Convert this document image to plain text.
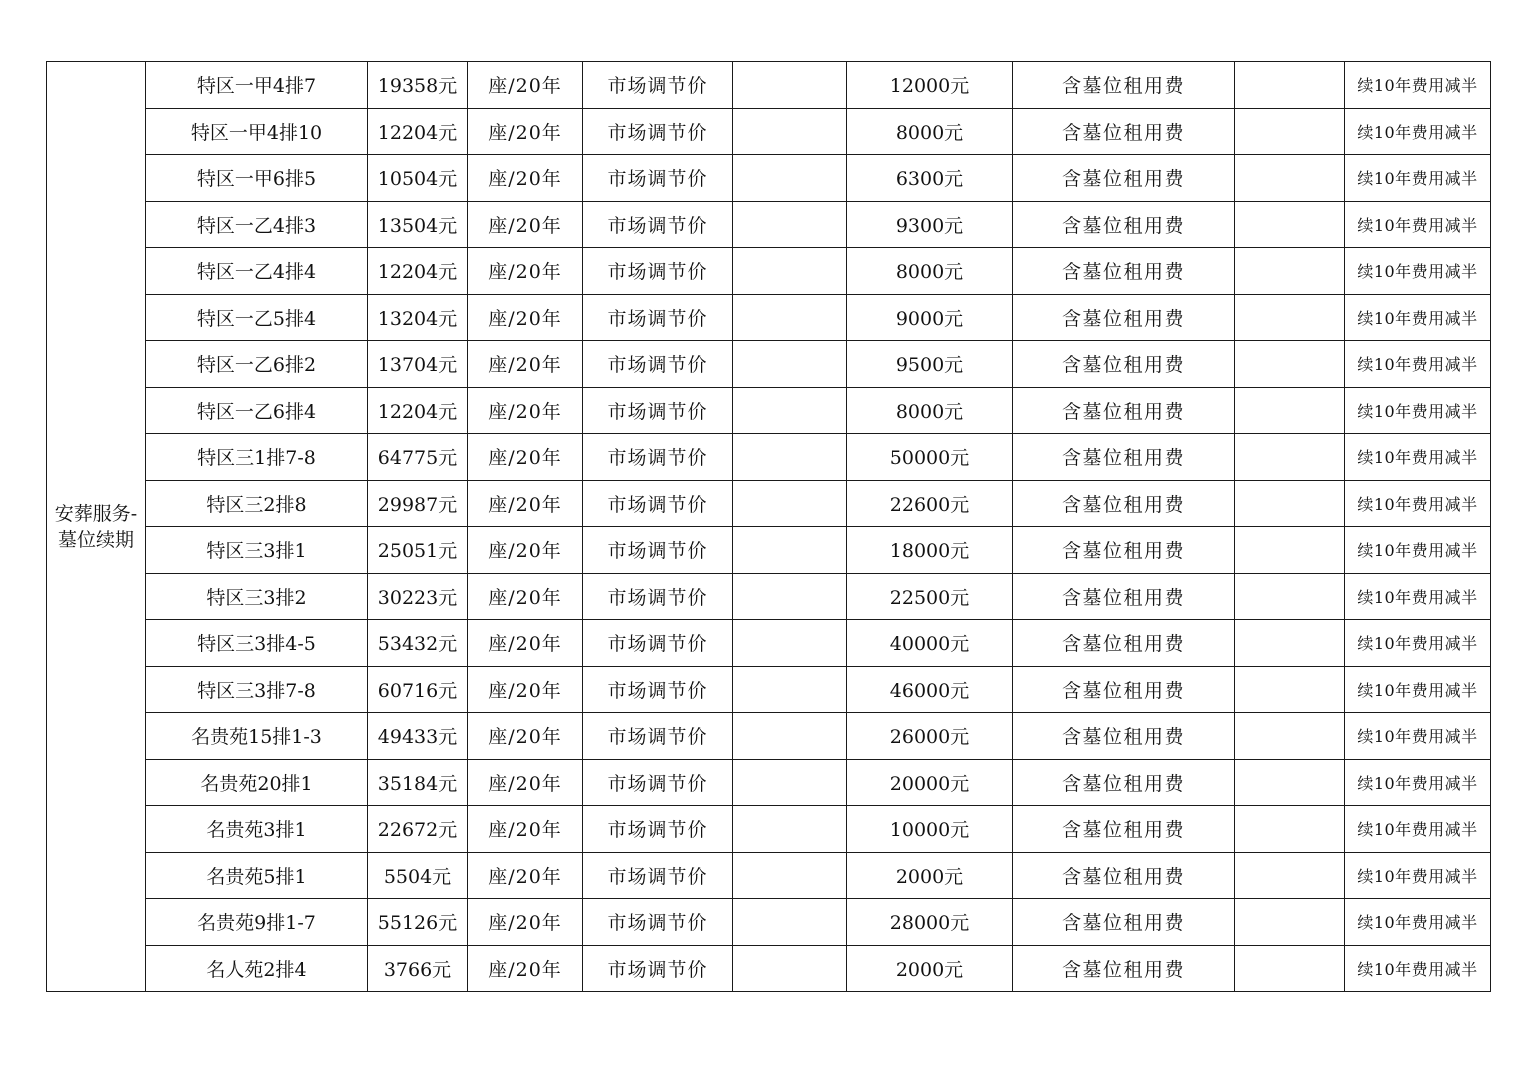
安葬服务-墓位续期	特区一甲4排7	19358元	座/20年	市场调节价		12000元	含墓位租用费		续10年费用减半
	特区一甲4排10	12204元	座/20年	市场调节价		8000元	含墓位租用费		续10年费用减半
	特区一甲6排5	10504元	座/20年	市场调节价		6300元	含墓位租用费		续10年费用减半
	特区一乙4排3	13504元	座/20年	市场调节价		9300元	含墓位租用费		续10年费用减半
	特区一乙4排4	12204元	座/20年	市场调节价		8000元	含墓位租用费		续10年费用减半
	特区一乙5排4	13204元	座/20年	市场调节价		9000元	含墓位租用费		续10年费用减半
	特区一乙6排2	13704元	座/20年	市场调节价		9500元	含墓位租用费		续10年费用减半
	特区一乙6排4	12204元	座/20年	市场调节价		8000元	含墓位租用费		续10年费用减半
	特区三1排7-8	64775元	座/20年	市场调节价		50000元	含墓位租用费		续10年费用减半
	特区三2排8	29987元	座/20年	市场调节价		22600元	含墓位租用费		续10年费用减半
	特区三3排1	25051元	座/20年	市场调节价		18000元	含墓位租用费		续10年费用减半
	特区三3排2	30223元	座/20年	市场调节价		22500元	含墓位租用费		续10年费用减半
	特区三3排4-5	53432元	座/20年	市场调节价		40000元	含墓位租用费		续10年费用减半
	特区三3排7-8	60716元	座/20年	市场调节价		46000元	含墓位租用费		续10年费用减半
	名贵苑15排1-3	49433元	座/20年	市场调节价		26000元	含墓位租用费		续10年费用减半
	名贵苑20排1	35184元	座/20年	市场调节价		20000元	含墓位租用费		续10年费用减半
	名贵苑3排1	22672元	座/20年	市场调节价		10000元	含墓位租用费		续10年费用减半
	名贵苑5排1	5504元	座/20年	市场调节价		2000元	含墓位租用费		续10年费用减半
	名贵苑9排1-7	55126元	座/20年	市场调节价		28000元	含墓位租用费		续10年费用减半
	名人苑2排4	3766元	座/20年	市场调节价		2000元	含墓位租用费		续10年费用减半
